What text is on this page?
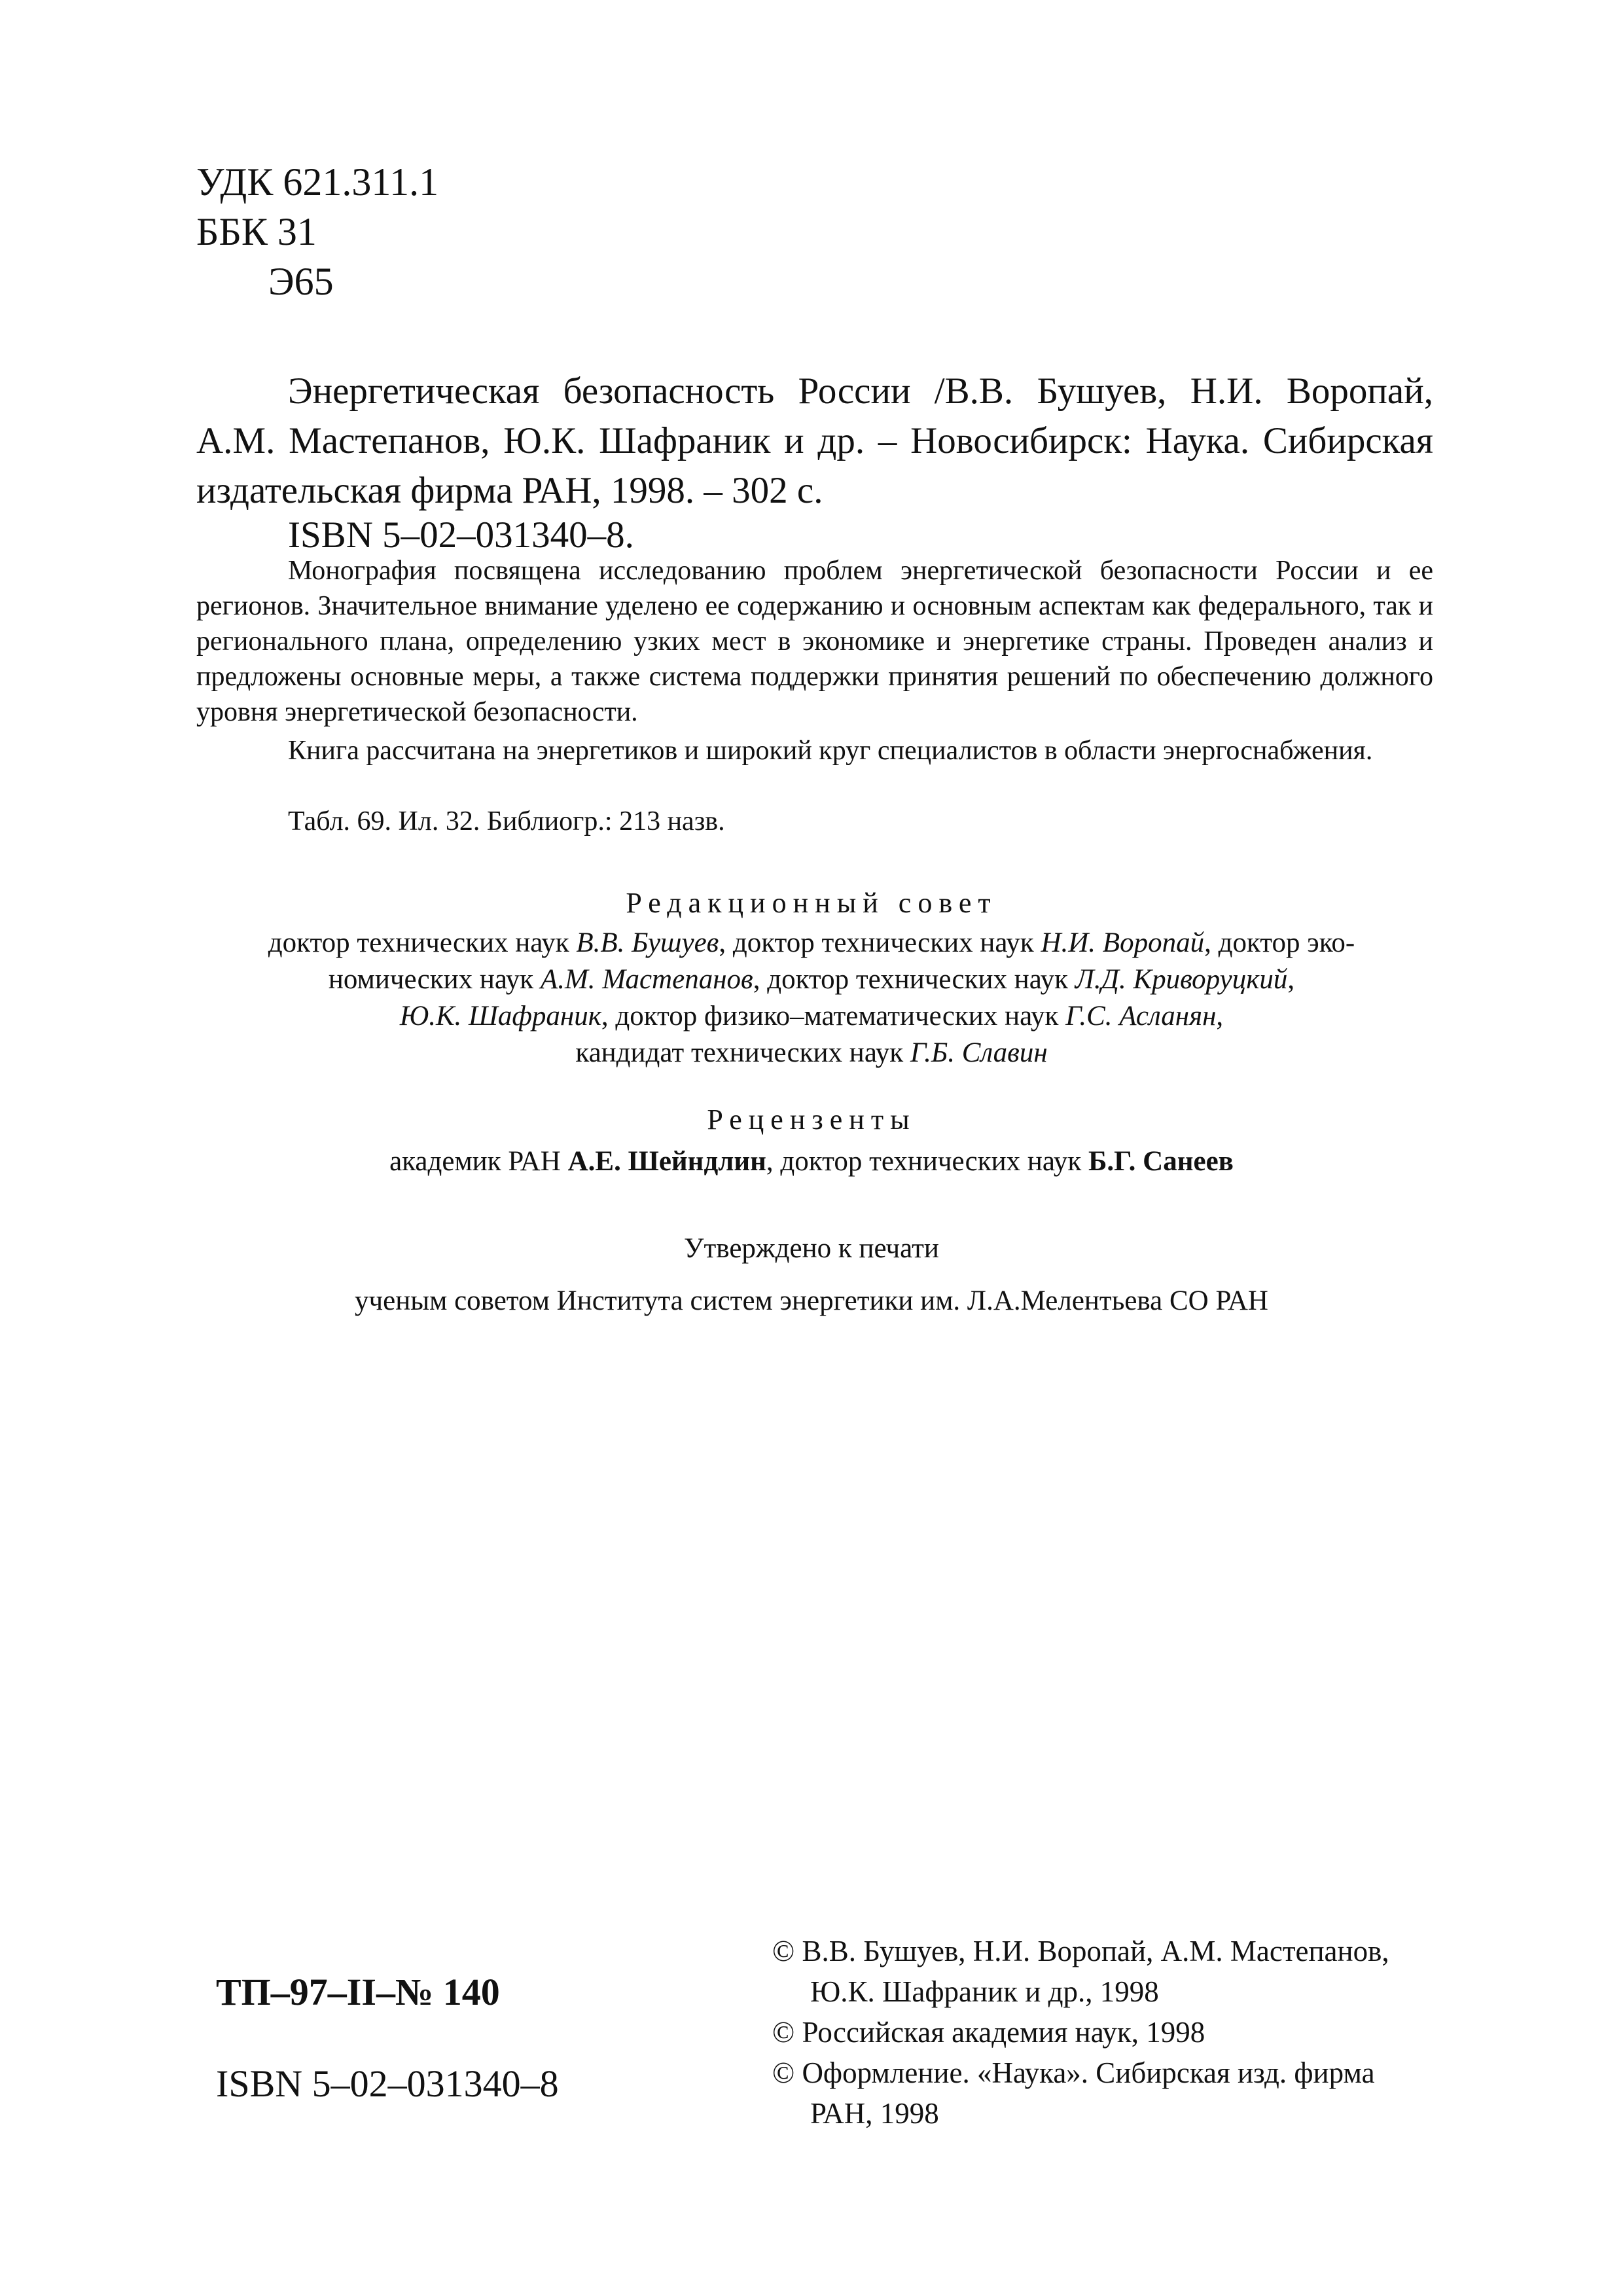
УДК 621.311.1
ББК 31
Э65
Энергетическая безопасность России /В.В. Бушуев, Н.И. Воропай, А.М. Мастепанов, Ю.К. Шафраник и др. – Новосибирск: Наука. Сибирская издательская фирма РАН, 1998. – 302 с.
ISBN 5–02–031340–8.
Монография посвящена исследованию проблем энергетической безопасности России и ее регионов. Значительное внимание уделено ее содержанию и основным аспектам как федерального, так и регионального плана, определению узких мест в экономике и энергетике страны. Проведен анализ и предложены основные меры, а также система поддержки принятия решений по обеспечению должного уровня энергетической безопасности.
Книга рассчитана на энергетиков и широкий круг специалистов в области энергоснабжения.
Табл. 69. Ил. 32. Библиогр.: 213 назв.
Редакционный совет
доктор технических наук В.В. Бушуев, доктор технических наук Н.И. Воропай, доктор эко-
номических наук А.М. Мастепанов, доктор технических наук Л.Д. Криворуцкий,
Ю.К. Шафраник, доктор физико–математических наук Г.С. Асланян,
кандидат технических наук Г.Б. Славин
Рецензенты
академик РАН А.Е. Шейндлин, доктор технических наук Б.Г. Санеев
Утверждено к печати
ученым советом Института систем энергетики им. Л.А.Мелентьева СО РАН
ТП–97–II–№ 140
ISBN 5–02–031340–8
© В.В. Бушуев, Н.И. Воропай, А.М. Мастепанов,
Ю.К. Шафраник и др., 1998
© Российская академия наук, 1998
© Оформление. «Наука». Сибирская изд. фирма
РАН, 1998
